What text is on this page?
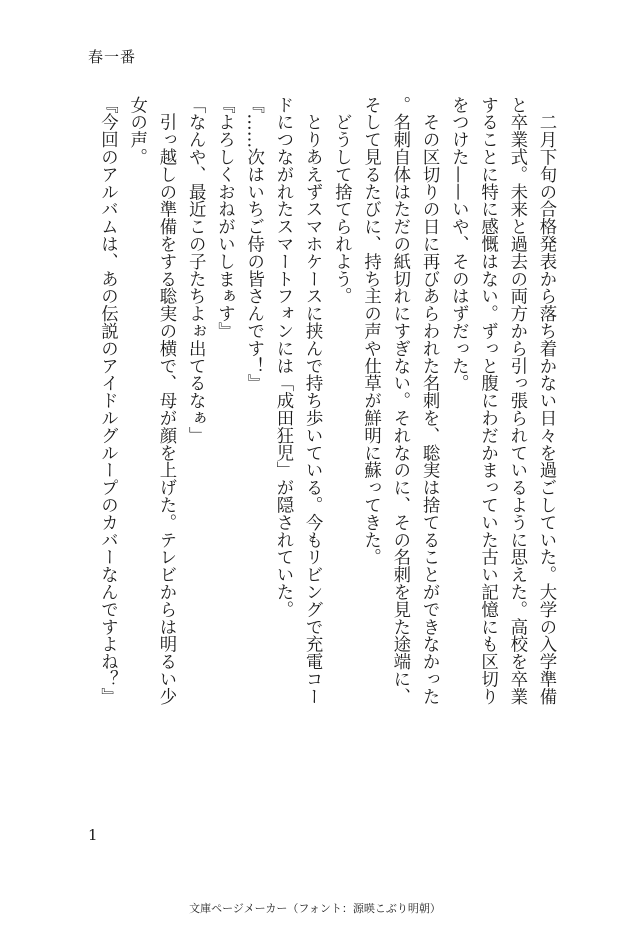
春一番

　二月下旬の合格発表から落ち着かない日々を過ごしていた。大学の入学準備と卒業式。未来と過去の両方から引っ張られているように思えた。高校を卒業することに特に感慨はない。ずっと腹にわだかまっていた古い記憶にも区切りをつけた——いや、そのはずだった。

　その区切りの日に再びあらわれた名刺を、聡実は捨てることができなかった。名刺自体はただの紙切れにすぎない。それなのに、その名刺を見た途端に、そして見るたびに、持ち主の声や仕草が鮮明に蘇ってきた。

　どうして捨てられよう。

　とりあえずスマホケースに挟んで持ち歩いている。今もリビングで充電コードにつながれたスマートフォンには「成田狂児」が隠されていた。

『……次はいちご侍の皆さんです！』

『よろしくおねがいしまぁす』

「なんや、最近この子たちよぉ出てるなぁ」

　引っ越しの準備をする聡実の横で、母が顔を上げた。テレビからは明るい少女の声。

『今回のアルバムは、あの伝説のアイドルグループのカバーなんですよね？』

1
文庫ページメーカー（フォント：源暎こぶり明朝）
